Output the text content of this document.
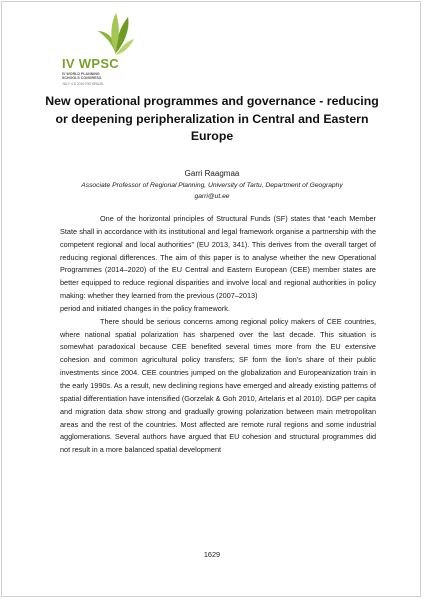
IV WPSC
IV WORLD PLANNING
SCHOOLS CONGRESS
JULY 4-8 2016 RIO BRAZIL
New operational programmes and governance - reducing or deepening peripheralization in Central and Eastern Europe
Garri Raagmaa
Associate Professor of Regional Planning, University of Tartu, Department of Geography
garri@ut.ee

One of the horizontal principles of Structural Funds (SF) states that “each Member State shall in accordance with its institutional and legal framework organise a partnership with the competent regional and local authorities” (EU 2013, 341). This derives from the overall target of reducing regional differences. The aim of this paper is to analyse whether the new Operational Programmes (2014–2020) of the EU Central and Eastern European (CEE) member states are better equipped to reduce regional disparities and involve local and regional authorities in policy making: whether they learned from the previous (2007–2013)

period and initiated changes in the policy framework.

There should be serious concerns among regional policy makers of CEE countries, where national spatial polarization has sharpened over the last decade. This situation is somewhat paradoxical because CEE benefited several times more from the EU extensive cohesion and common agricultural policy transfers; SF form the lion’s share of their public investments since 2004. CEE countries jumped on the globalization and Europeanization train in the early 1990s. As a result, new declining regions have emerged and already existing patterns of spatial differentiation have intensified (Gorzelak & Goh 2010, Artelaris et al 2010). DGP per capita and migration data show strong and gradually growing polarization between main metropolitan areas and the rest of the countries. Most affected are remote rural regions and some industrial agglomerations. Several authors have argued that EU cohesion and structural programmes did not result in a more balanced spatial development

1629
